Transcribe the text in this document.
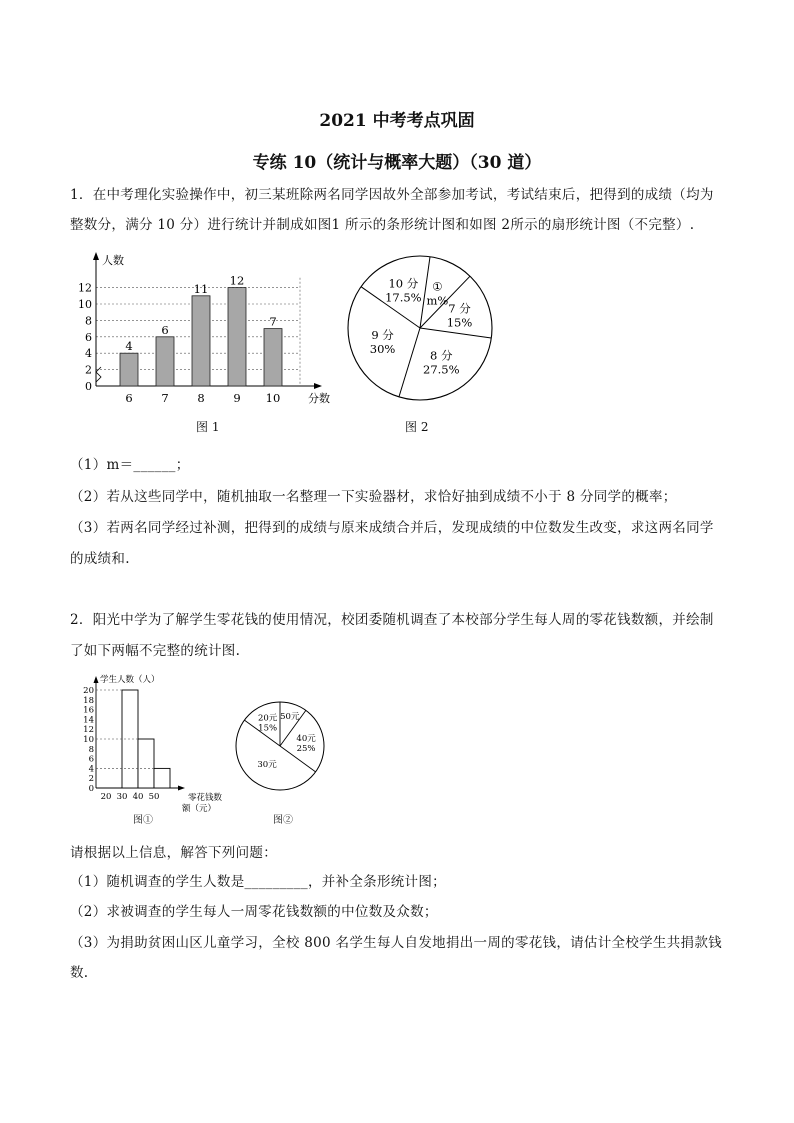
2021 中考考点巩固
专练 10（统计与概率大题）（30 道）
1．在中考理化实验操作中，初三某班除两名同学因故外全部参加考试，考试结束后，把得到的成绩（均为
整数分，满分 10 分）进行统计并制成如图1 所示的条形统计图和如图 2所示的扇形统计图（不完整）.
人数
分数
0
2
4
6
8
10
12
4
6
6
7
11
8
12
9
7
10
10 分
17.5%
①
m%
7 分
15%
8 分
27.5%
9 分
30%
图 1	图 2
（1）m＝______；
（2）若从这些同学中，随机抽取一名整理一下实验器材，求恰好抽到成绩不小于 8 分同学的概率；
（3）若两名同学经过补测，把得到的成绩与原来成绩合并后，发现成绩的中位数发生改变，求这两名同学
的成绩和.
2．阳光中学为了解学生零花钱的使用情况，校团委随机调查了本校部分学生每人周的零花钱数额，并绘制
了如下两幅不完整的统计图.
学生人数（人）
0
2
4
6
8
10
12
14
16
18
20
20 30 40 50	零花钱数
额（元）
20元
15%
50元
40元
25%
30元
图①	图②
请根据以上信息，解答下列问题：
（1）随机调查的学生人数是_________，并补全条形统计图；
（2）求被调查的学生每人一周零花钱数额的中位数及众数；
（3）为捐助贫困山区儿童学习，全校 800 名学生每人自发地捐出一周的零花钱，请估计全校学生共捐款钱
数.
